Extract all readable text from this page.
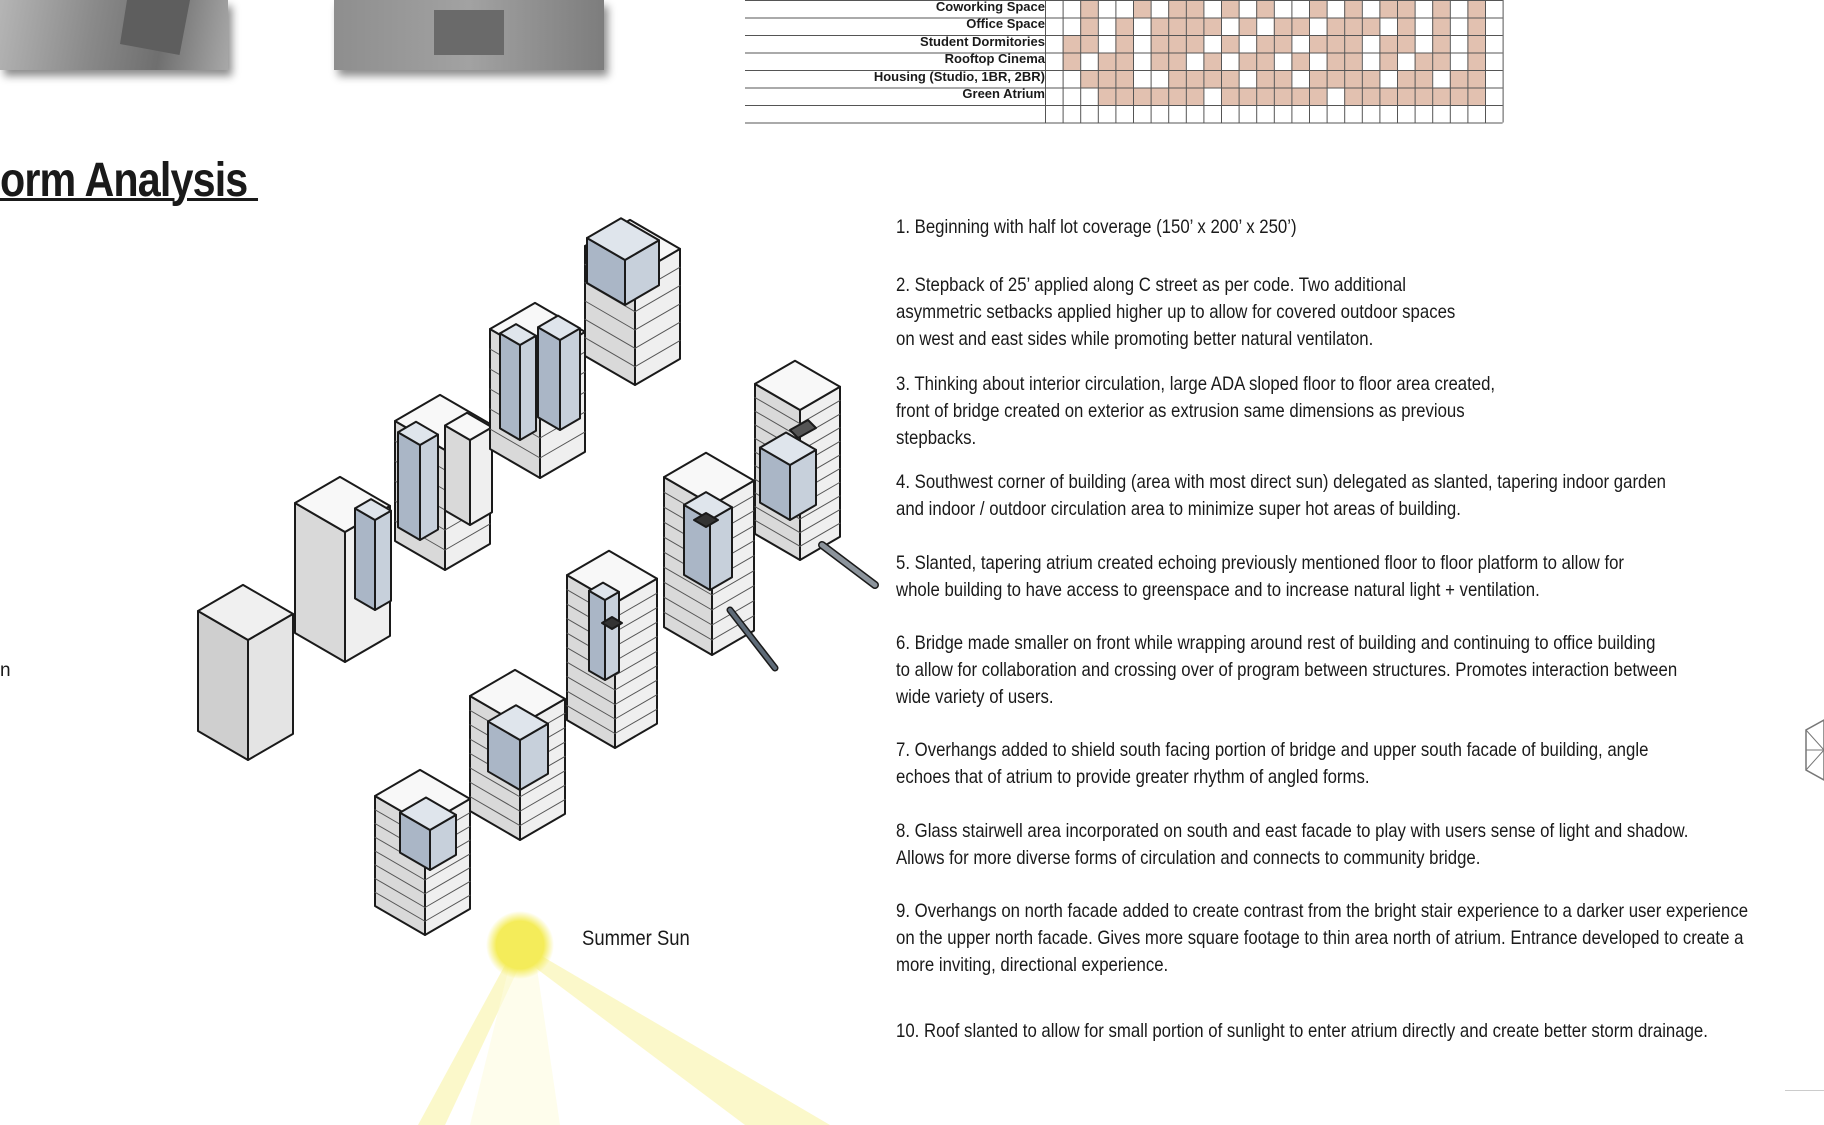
Coworking Space
Office Space
Student Dormitories
Rooftop Cinema
Housing (Studio, 1BR, 2BR)
Green Atrium
orm Analysis
n
Summer Sun
1. Beginning with half lot coverage (150’ x 200’ x 250’)
2. Stepback of 25’ applied along C street as per code. Two additional
asymmetric setbacks applied higher up to allow for covered outdoor spaces
on west and east sides while promoting better natural ventilaton.
3. Thinking about interior circulation, large ADA sloped floor to floor area created,
front of bridge created on exterior as extrusion same dimensions as previous
stepbacks.
4. Southwest corner of building (area with most direct sun) delegated as slanted, tapering indoor garden
and indoor / outdoor circulation area to minimize super hot areas of building.
5. Slanted, tapering atrium created echoing previously mentioned floor to floor platform to allow for
whole building to have access to greenspace and to increase natural light + ventilation.
6. Bridge made smaller on front while wrapping around rest of building and continuing to office building
to allow for collaboration and crossing over of program between structures. Promotes interaction between
wide variety of users.
7. Overhangs added to shield south facing portion of bridge and upper south facade of building, angle
echoes that of atrium to provide greater rhythm of angled forms.
8. Glass stairwell area incorporated on south and east facade to play with users sense of light and shadow.
Allows for more diverse forms of circulation and connects to community bridge.
9. Overhangs on north facade added to create contrast from the bright stair experience to a darker user experience
on the upper north facade. Gives more square footage to thin area north of atrium. Entrance developed to create a
more inviting, directional experience.
10. Roof slanted to allow for small portion of sunlight to enter atrium directly and create better storm drainage.
